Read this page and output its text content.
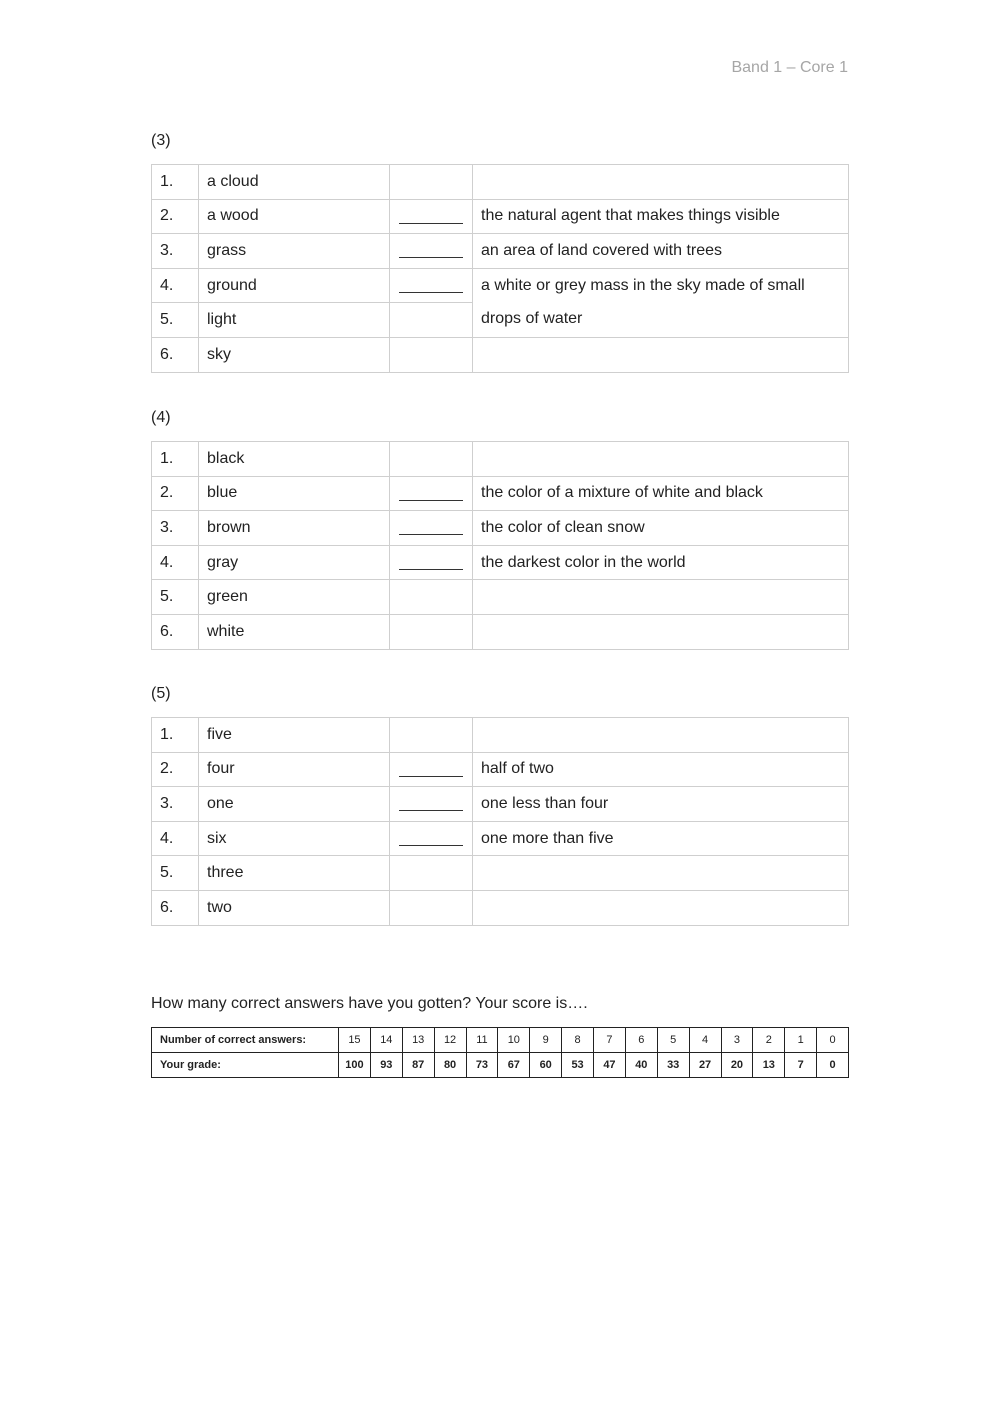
Band 1 – Core 1
(3)
1.	a cloud		
2.	a wood		the natural agent that makes things visible
3.	grass		an area of land covered with trees
4.	ground		a white or grey mass in the sky made of small drops of water
5.	light		
6.	sky		
(4)
1.	black		
2.	blue		the color of a mixture of white and black
3.	brown		the color of clean snow
4.	gray		the darkest color in the world
5.	green		
6.	white		
(5)
1.	five		
2.	four		half of two
3.	one		one less than four
4.	six		one more than five
5.	three		
6.	two		
How many correct answers have you gotten? Your score is….
Number of correct answers:	15	14	13	12	11	10	9	8	7	6	5	4	3	2	1	0
Your grade:	100	93	87	80	73	67	60	53	47	40	33	27	20	13	7	0
